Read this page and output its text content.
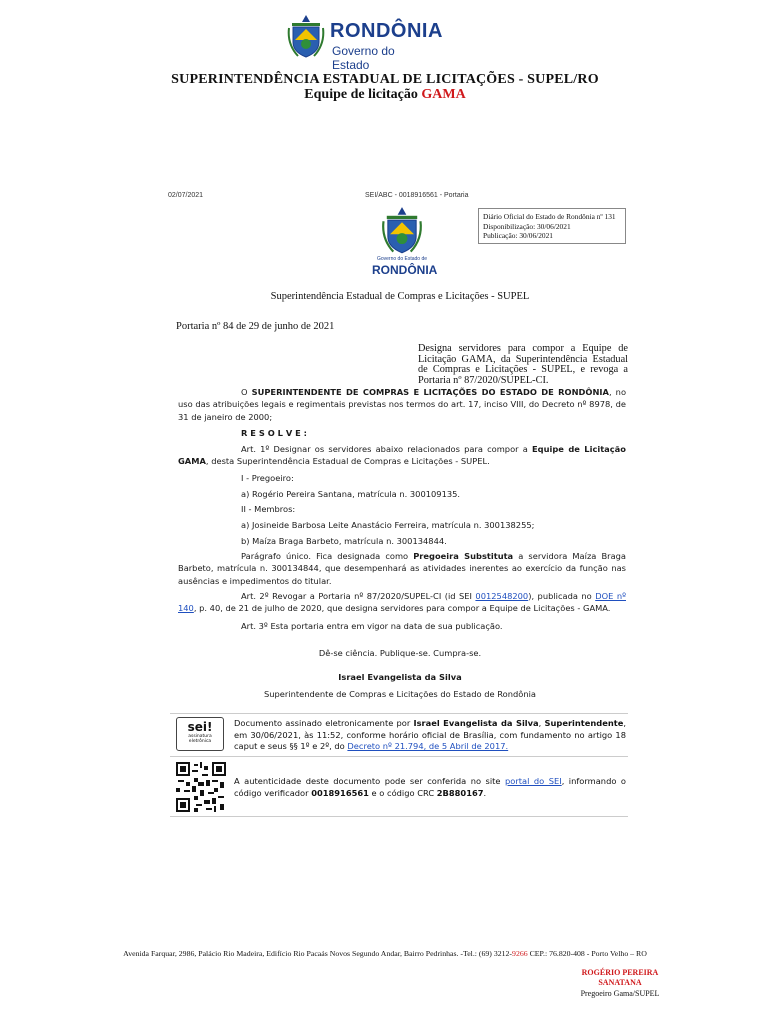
RONDÔNIA
Governo do Estado
SUPERINTENDÊNCIA ESTADUAL DE LICITAÇÕES - SUPEL/RO
Equipe de licitação GAMA
02/07/2021	SEI/ABC - 0018916561 - Portaria
Diário Oficial do Estado de Rondônia nº 131
Disponibilização: 30/06/2021
Publicação: 30/06/2021
Governo do Estado de
RONDÔNIA
Superintendência Estadual de Compras e Licitações - SUPEL
Portaria nº 84 de 29 de junho de 2021
Designa servidores para compor a Equipe de Licitação GAMA, da Superintendência Estadual de Compras e Licitações - SUPEL, e revoga a Portaria nº 87/2020/SUPEL-CI.
O SUPERINTENDENTE DE COMPRAS E LICITAÇÕES DO ESTADO DE RONDÔNIA, no uso das atribuições legais e regimentais previstas nos termos do art. 17, inciso VIII, do Decreto nº 8978, de 31 de janeiro de 2000;
R E S O L V E :
Art. 1º Designar os servidores abaixo relacionados para compor a Equipe de Licitação GAMA, desta Superintendência Estadual de Compras e Licitações - SUPEL.
I - Pregoeiro:
a) Rogério Pereira Santana, matrícula n. 300109135.
II - Membros:
a) Josineide Barbosa Leite Anastácio Ferreira, matrícula n. 300138255;
b) Maíza Braga Barbeto, matrícula n. 300134844.
Parágrafo único. Fica designada como Pregoeira Substituta a servidora Maíza Braga Barbeto, matrícula n. 300134844, que desempenhará as atividades inerentes ao exercício da função nas ausências e impedimentos do titular.
Art. 2º Revogar a Portaria nº 87/2020/SUPEL-CI (id SEI 0012548200), publicada no DOE nº 140, p. 40, de 21 de julho de 2020, que designa servidores para compor a Equipe de Licitações - GAMA.
Art. 3º Esta portaria entra em vigor na data de sua publicação.
Dê-se ciência. Publique-se. Cumpra-se.
Israel Evangelista da Silva
Superintendente de Compras e Licitações do Estado de Rondônia
sei!
assinatura
eletrônica
Documento assinado eletronicamente por Israel Evangelista da Silva, Superintendente, em 30/06/2021, às 11:52, conforme horário oficial de Brasília, com fundamento no artigo 18 caput e seus §§ 1º e 2º, do Decreto nº 21.794, de 5 Abril de 2017.
A autenticidade deste documento pode ser conferida no site portal do SEI, informando o código verificador 0018916561 e o código CRC 2B880167.
Avenida Farquar, 2986, Palácio Rio Madeira, Edifício Rio Pacaás Novos Segundo Andar, Bairro Pedrinhas. -Tel.: (69) 3212-9266 CEP.: 76.820-408 - Porto Velho – RO
ROGÉRIO PEREIRA
SANATANA
Pregoeiro Gama/SUPEL
